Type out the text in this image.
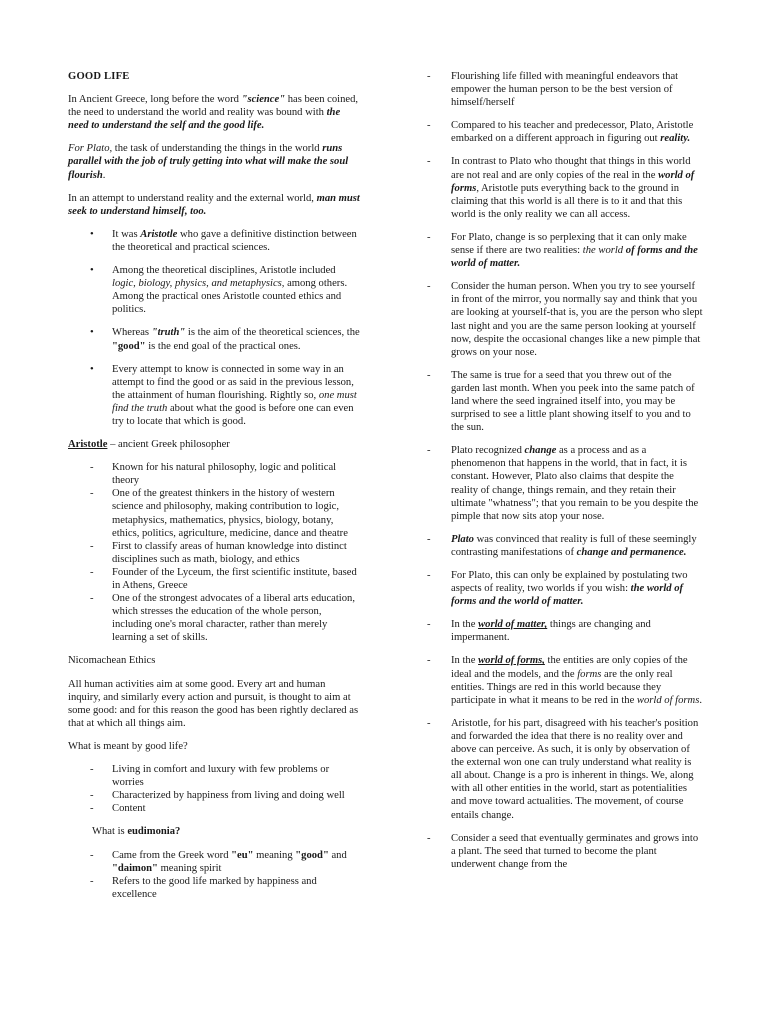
GOOD LIFE

In Ancient Greece, long before the word "science" has been coined, the need to understand the world and reality was bound with the need to understand the self and the good life.

For Plato, the task of understanding the things in the world runs parallel with the job of truly getting into what will make the soul flourish.

In an attempt to understand reality and the external world, man must seek to understand himself, too.

• It was Aristotle who gave a definitive distinction between the theoretical and practical sciences.
• Among the theoretical disciplines, Aristotle included logic, biology, physics, and metaphysics, among others. Among the practical ones Aristotle counted ethics and politics.
• Whereas "truth" is the aim of the theoretical sciences, the "good" is the end goal of the practical ones.
• Every attempt to know is connected in some way in an attempt to find the good or as said in the previous lesson, the attainment of human flourishing. Rightly so, one must find the truth about what the good is before one can even try to locate that which is good.

Aristotle – ancient Greek philosopher

- Known for his natural philosophy, logic and political theory
- One of the greatest thinkers in the history of western science and philosophy, making contribution to logic, metaphysics, mathematics, physics, biology, botany, ethics, politics, agriculture, medicine, dance and theatre
- First to classify areas of human knowledge into distinct disciplines such as math, biology, and ethics
- Founder of the Lyceum, the first scientific institute, based in Athens, Greece
- One of the strongest advocates of a liberal arts education, which stresses the education of the whole person, including one's moral character, rather than merely learning a set of skills.

Nicomachean Ethics

All human activities aim at some good. Every art and human inquiry, and similarly every action and pursuit, is thought to aim at some good: and for this reason the good has been rightly declared as that at which all things aim.

What is meant by good life?

- Living in comfort and luxury with few problems or worries
- Characterized by happiness from living and doing well
- Content

What is eudimonia?

- Came from the Greek word "eu" meaning "good" and "daimon" meaning spirit
- Refers to the good life marked by happiness and excellence
- Flourishing life filled with meaningful endeavors that empower the human person to be the best version of himself/herself
- Compared to his teacher and predecessor, Plato, Aristotle embarked on a different approach in figuring out reality.
- In contrast to Plato who thought that things in this world are not real and are only copies of the real in the world of forms, Aristotle puts everything back to the ground in claiming that this world is all there is to it and that this world is the only reality we can all access.
- For Plato, change is so perplexing that it can only make sense if there are two realities: the world of forms and the world of matter.
- Consider the human person. When you try to see yourself in front of the mirror, you normally say and think that you are looking at yourself-that is, you are the person who slept last night and you are the same person looking at yourself now, despite the occasional changes like a new pimple that grows on your nose.
- The same is true for a seed that you threw out of the garden last month. When you peek into the same patch of land where the seed ingrained itself into, you may be surprised to see a little plant showing itself to you and to the sun.
- Plato recognized change as a process and as a phenomenon that happens in the world, that in fact, it is constant. However, Plato also claims that despite the reality of change, things remain, and they retain their ultimate "whatness"; that you remain to be you despite the pimple that now sits atop your nose.
- Plato was convinced that reality is full of these seemingly contrasting manifestations of change and permanence.
- For Plato, this can only be explained by postulating two aspects of reality, two worlds if you wish: the world of forms and the world of matter.
- In the world of matter, things are changing and impermanent.
- In the world of forms, the entities are only copies of the ideal and the models, and the forms are the only real entities. Things are red in this world because they participate in what it means to be red in the world of forms.
- Aristotle, for his part, disagreed with his teacher's position and forwarded the idea that there is no reality over and above can perceive. As such, it is only by observation of the external won one can truly understand what reality is all about. Change is a pro is inherent in things. We, along with all other entities in the world, start as potentialities and move toward actualities. The movement, of course entails change.
- Consider a seed that eventually germinates and grows into a plant. The seed that turned to become the plant underwent change from the
